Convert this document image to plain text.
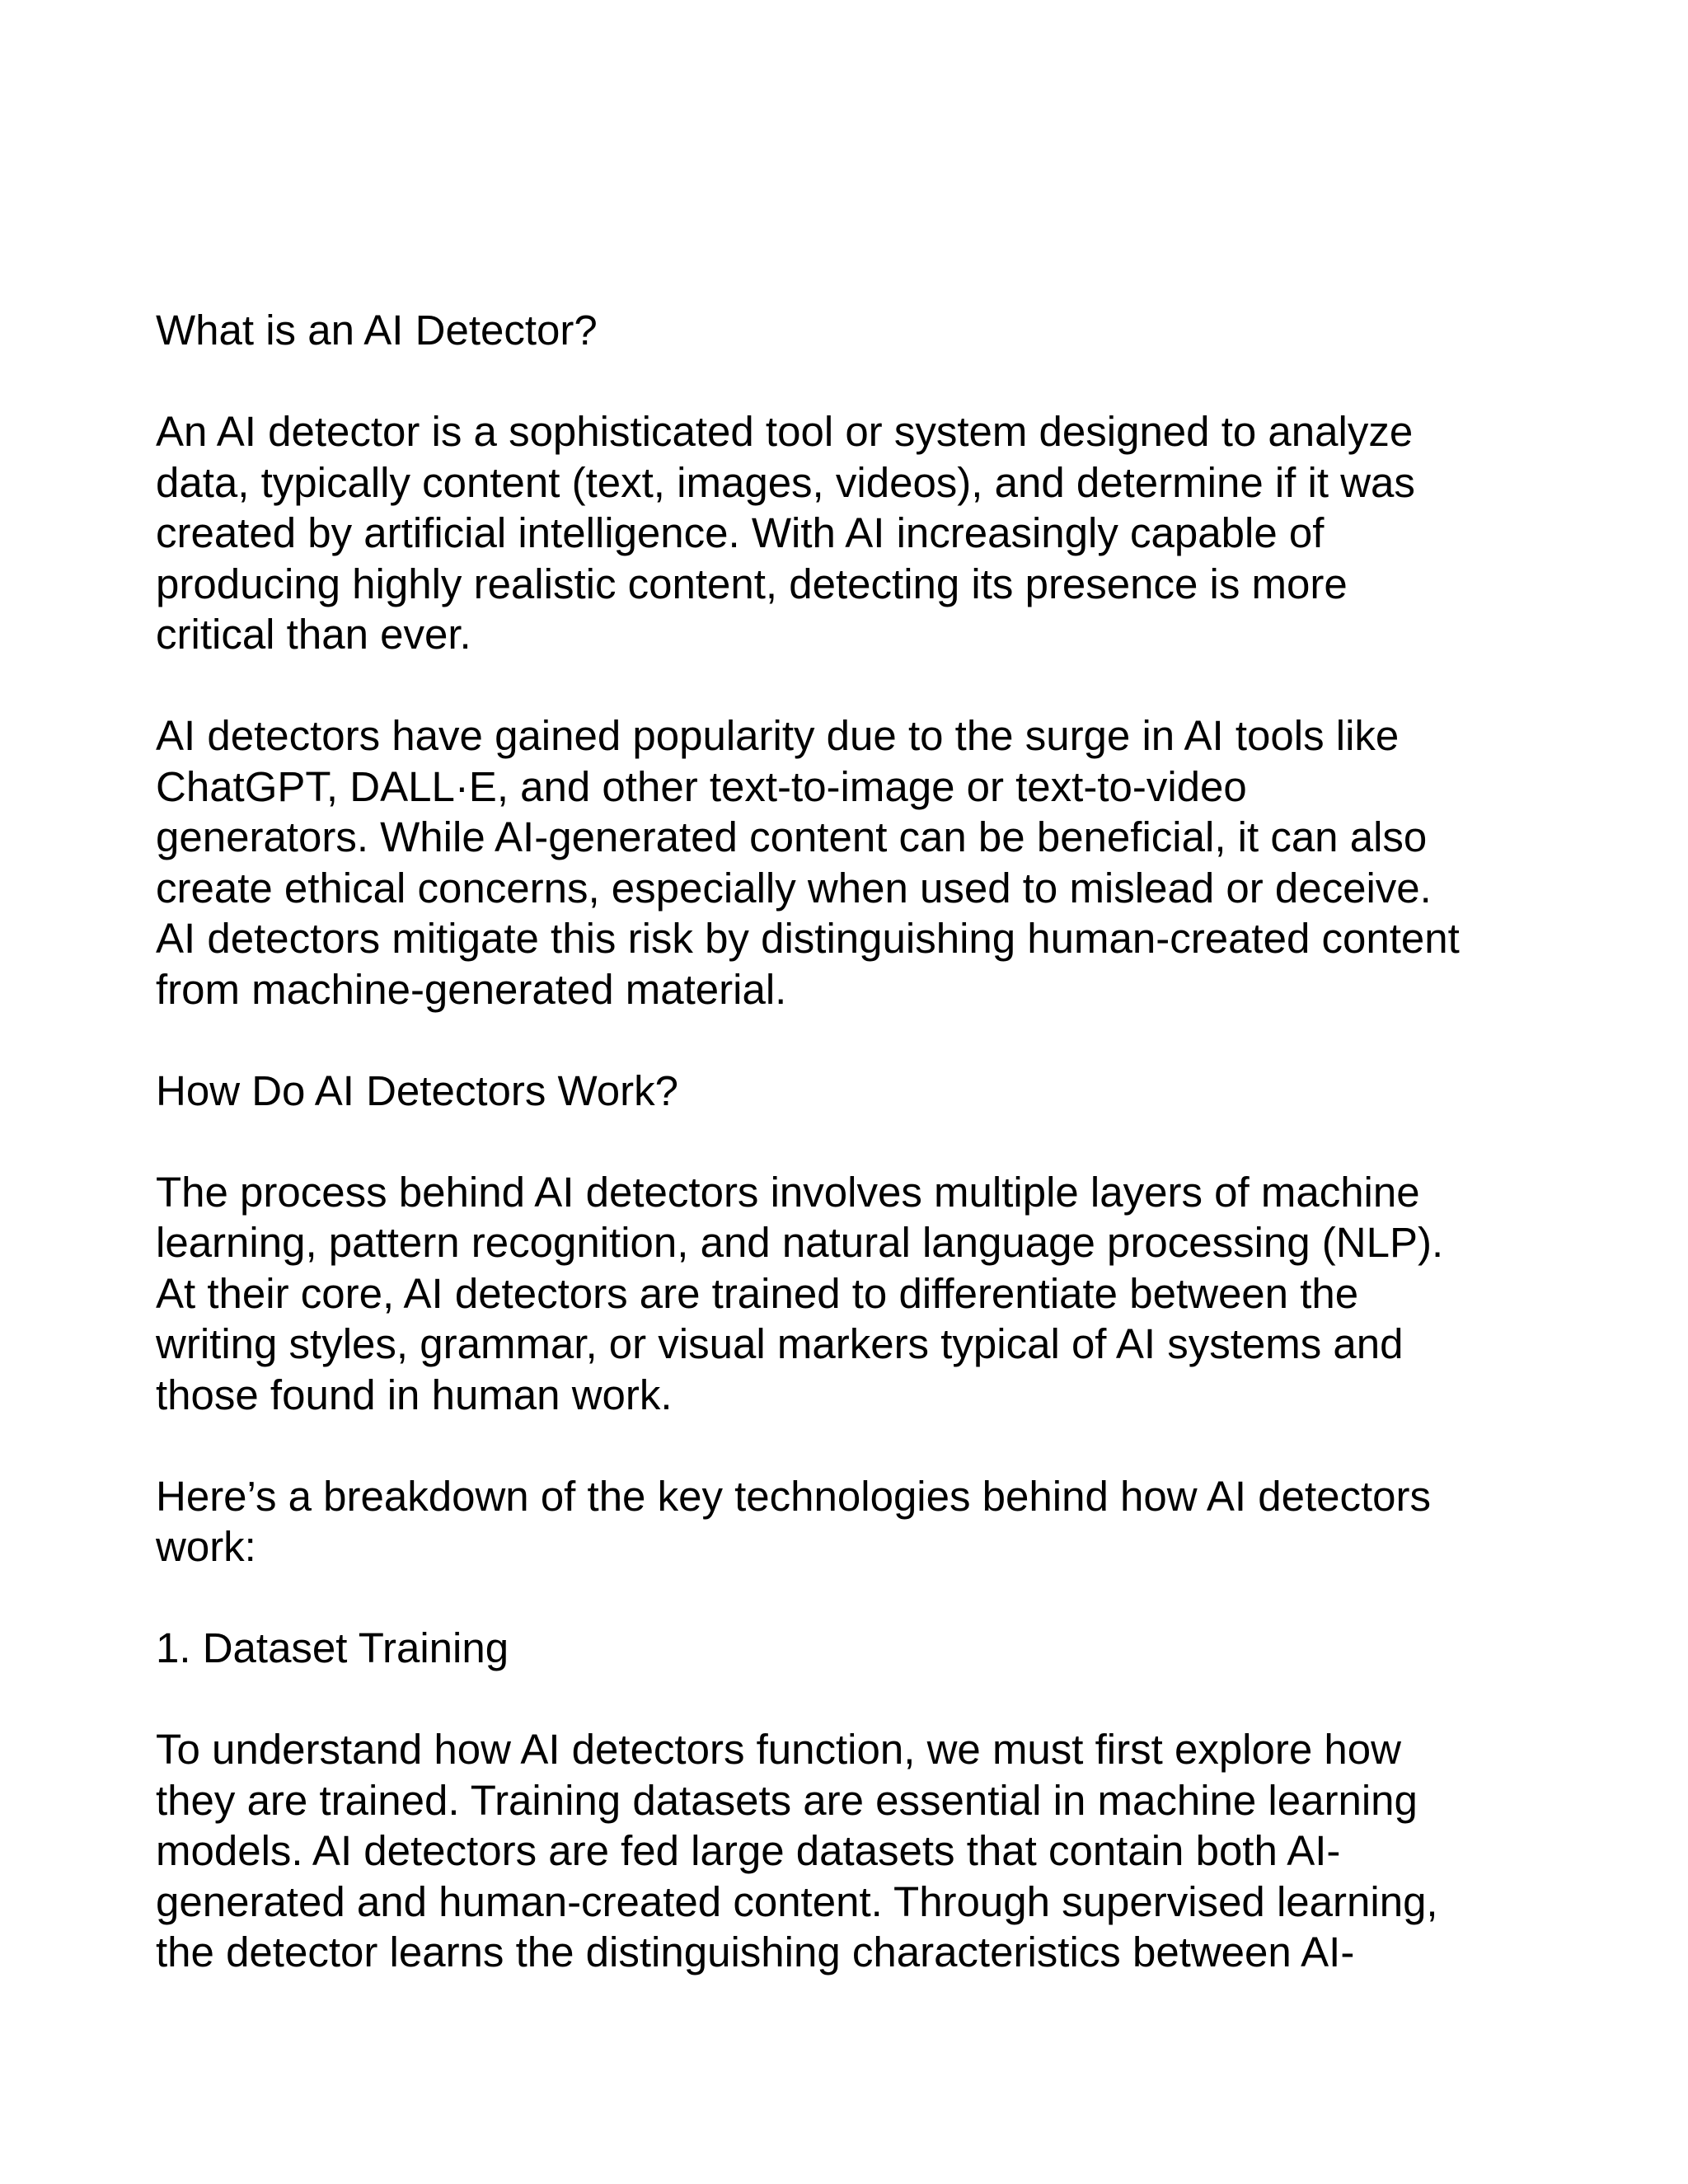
What is an AI Detector?
An AI detector is a sophisticated tool or system designed to analyze
data, typically content (text, images, videos), and determine if it was
created by artificial intelligence. With AI increasingly capable of
producing highly realistic content, detecting its presence is more
critical than ever.
AI detectors have gained popularity due to the surge in AI tools like
ChatGPT, DALL·E, and other text-to-image or text-to-video
generators. While AI-generated content can be beneficial, it can also
create ethical concerns, especially when used to mislead or deceive.
AI detectors mitigate this risk by distinguishing human-created content
from machine-generated material.
How Do AI Detectors Work?
The process behind AI detectors involves multiple layers of machine
learning, pattern recognition, and natural language processing (NLP).
At their core, AI detectors are trained to differentiate between the
writing styles, grammar, or visual markers typical of AI systems and
those found in human work.
Here’s a breakdown of the key technologies behind how AI detectors
work:
1. Dataset Training
To understand how AI detectors function, we must first explore how
they are trained. Training datasets are essential in machine learning
models. AI detectors are fed large datasets that contain both AI-
generated and human-created content. Through supervised learning,
the detector learns the distinguishing characteristics between AI-
